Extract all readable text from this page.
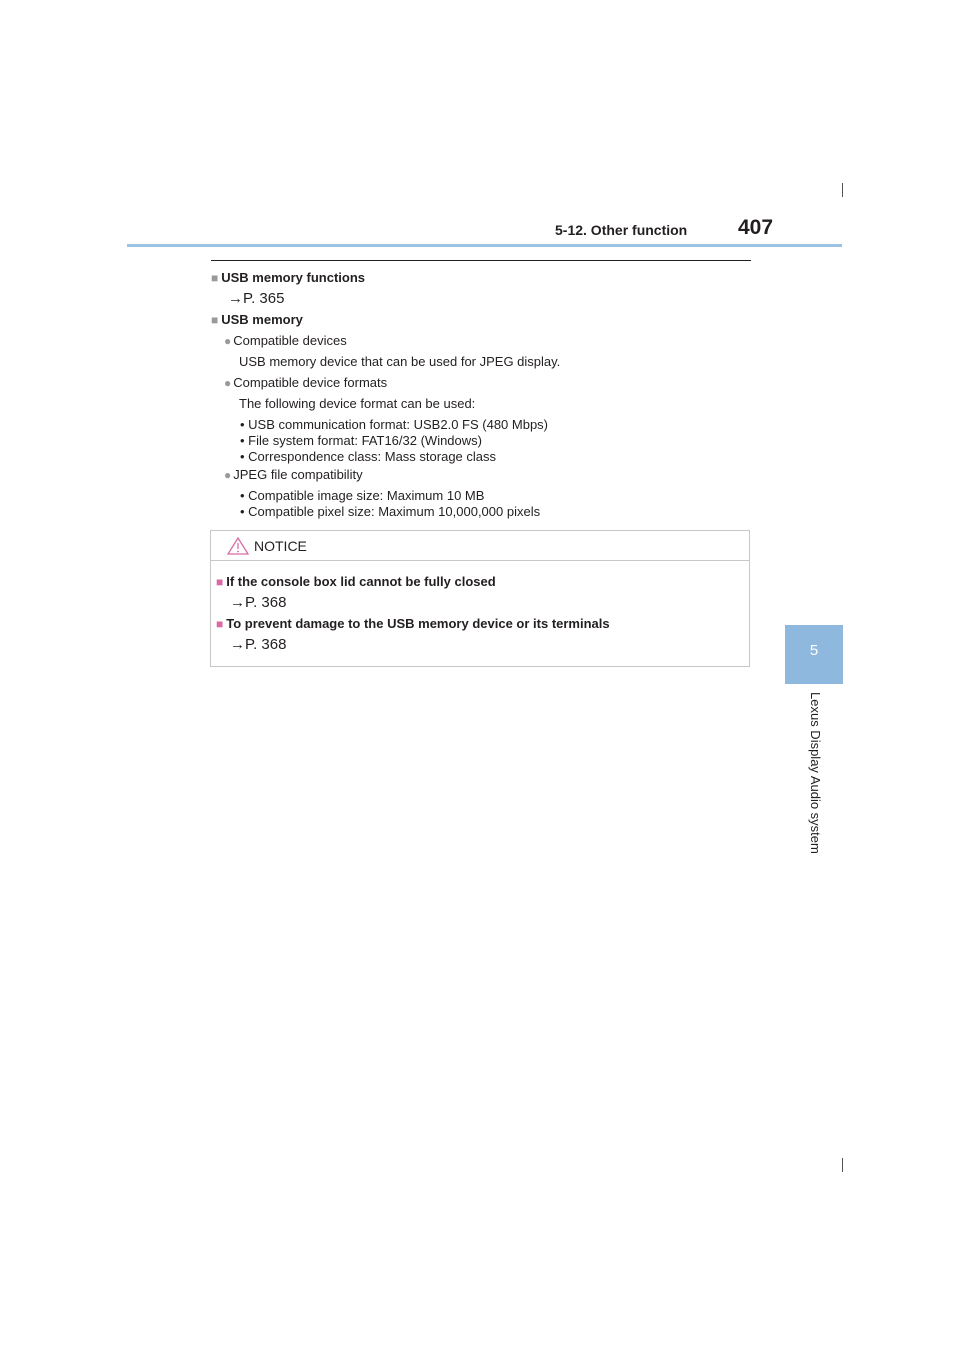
5-12. Other function 407
5
Lexus Display Audio system
■ USB memory functions
→P. 365
■ USB memory
● Compatible devices
USB memory device that can be used for JPEG display.
● Compatible device formats
The following device format can be used:
• USB communication format: USB2.0 FS (480 Mbps)
• File system format: FAT16/32 (Windows)
• Correspondence class: Mass storage class
● JPEG file compatibility
• Compatible image size: Maximum 10 MB
• Compatible pixel size: Maximum 10,000,000 pixels
NOTICE
■ If the console box lid cannot be fully closed
→P. 368
■ To prevent damage to the USB memory device or its terminals
→P. 368
